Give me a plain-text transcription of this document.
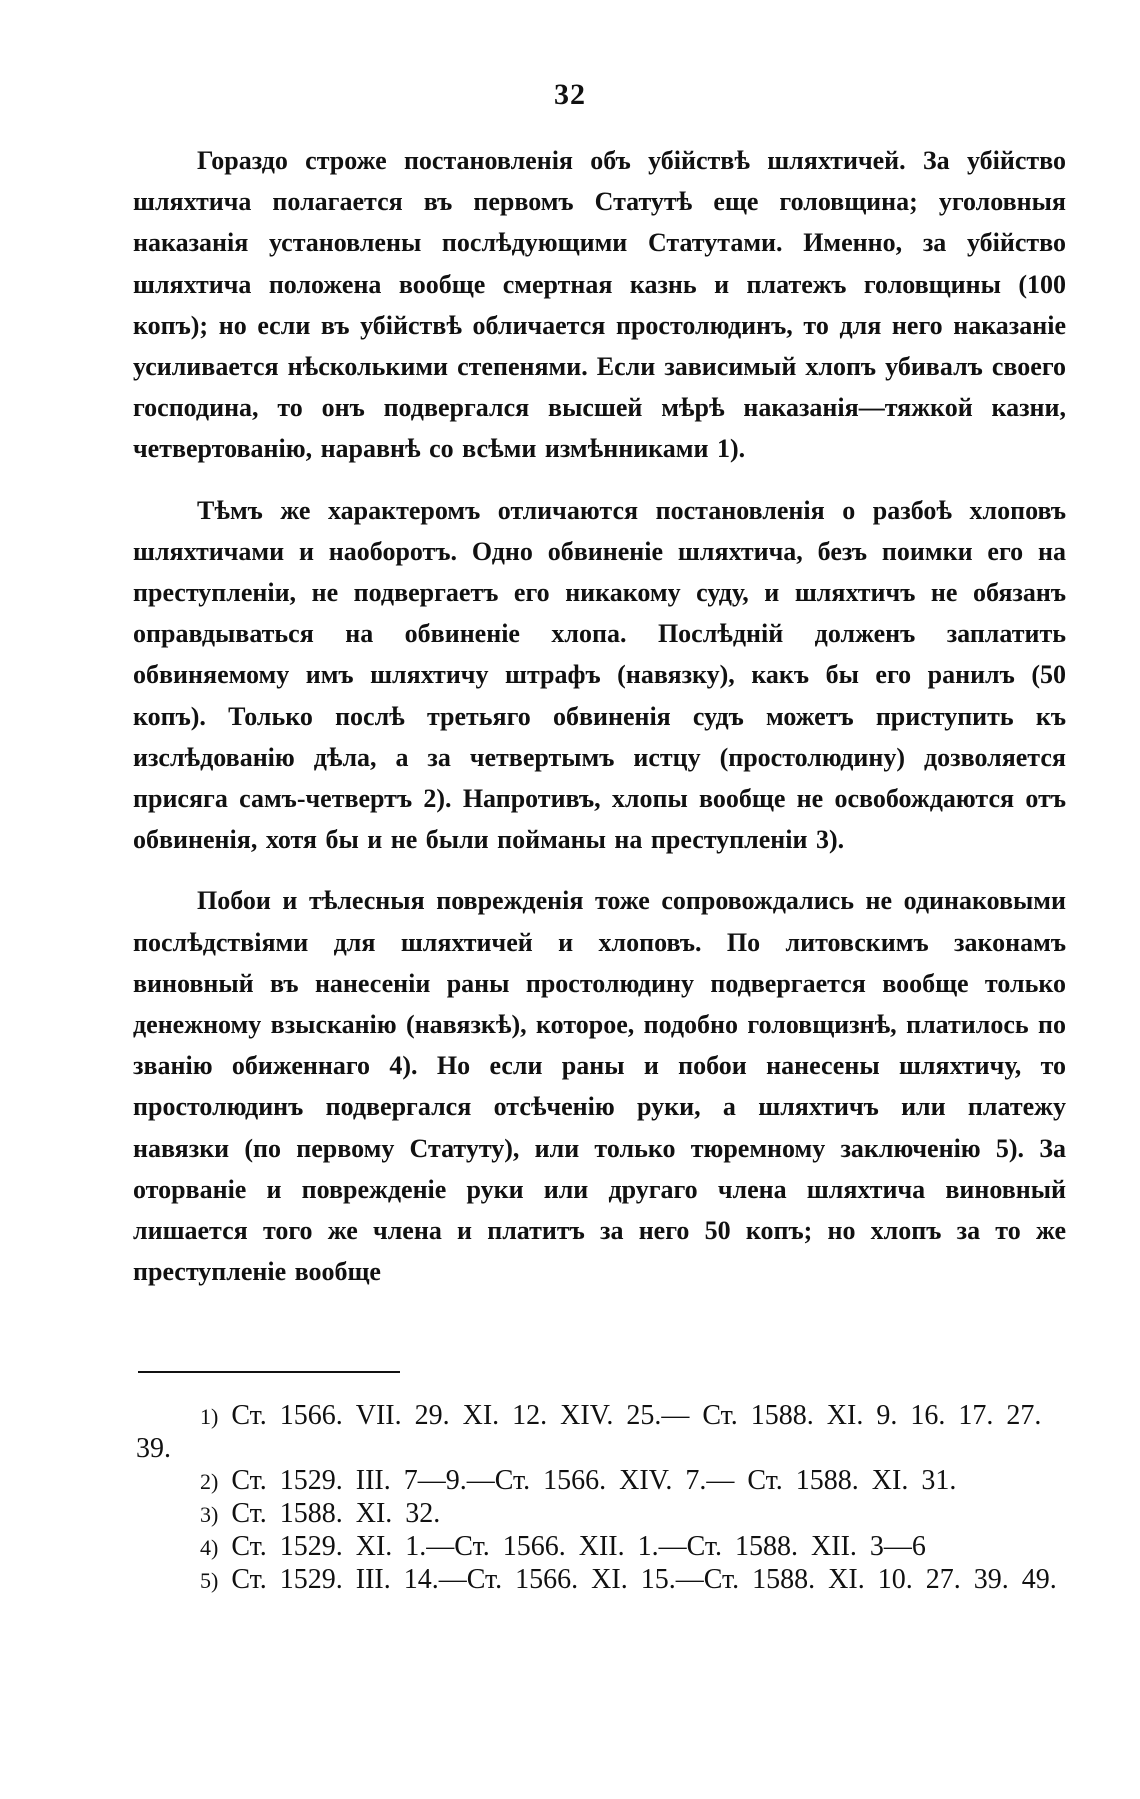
32

Гораздо строже постановленія объ убійствѣ шляхтичей. За убійство шляхтича полагается въ первомъ Статутѣ еще головщина; уголовныя наказанія установлены послѣдующими Статутами. Именно, за убійство шляхтича положена вообще смертная казнь и платежъ головщины (100 копъ); но если въ убійствѣ обличается простолюдинъ, то для него наказаніе усиливается нѣсколькими степенями. Если зависимый хлопъ убивалъ своего господина, то онъ подвергался высшей мѣрѣ наказанія—тяжкой казни, четвертованію, наравнѣ со всѣми измѣнниками 1).

Тѣмъ же характеромъ отличаются постановленія о разбоѣ хлоповъ шляхтичами и наоборотъ. Одно обвиненіе шляхтича, безъ поимки его на преступленіи, не подвергаетъ его никакому суду, и шляхтичъ не обязанъ оправдываться на обвиненіе хлопа. Послѣдній долженъ заплатить обвиняемому имъ шляхтичу штрафъ (навязку), какъ бы его ранилъ (50 копъ). Только послѣ третьяго обвиненія судъ можетъ приступить къ изслѣдованію дѣла, а за четвертымъ истцу (простолюдину) дозволяется присяга самъ-четвертъ 2). Напротивъ, хлопы вообще не освобождаются отъ обвиненія, хотя бы и не были пойманы на преступленіи 3).

Побои и тѣлесныя поврежденія тоже сопровождались не одинаковыми послѣдствіями для шляхтичей и хлоповъ. По литовскимъ законамъ виновный въ нанесеніи раны простолюдину подвергается вообще только денежному взысканію (навязкѣ), которое, подобно головщизнѣ, платилось по званію обиженнаго 4). Но если раны и побои нанесены шляхтичу, то простолюдинъ подвергался отсѣченію руки, а шляхтичъ или платежу навязки (по первому Статуту), или только тюремному заключенію 5). За оторваніе и поврежденіе руки или другаго члена шляхтича виновный лишается того же члена и платитъ за него 50 копъ; но хлопъ за то же преступленіе вообще

1) Ст. 1566. VII. 29. XI. 12. XIV. 25.— Ст. 1588. XI. 9. 16. 17. 27. 39.

2) Ст. 1529. III. 7—9.—Ст. 1566. XIV. 7.— Ст. 1588. XI. 31.

3) Ст. 1588. XI. 32.

4) Ст. 1529. XI. 1.—Ст. 1566. XII. 1.—Ст. 1588. XII. 3—6

5) Ст. 1529. III. 14.—Ст. 1566. XI. 15.—Ст. 1588. XI. 10. 27. 39. 49.
